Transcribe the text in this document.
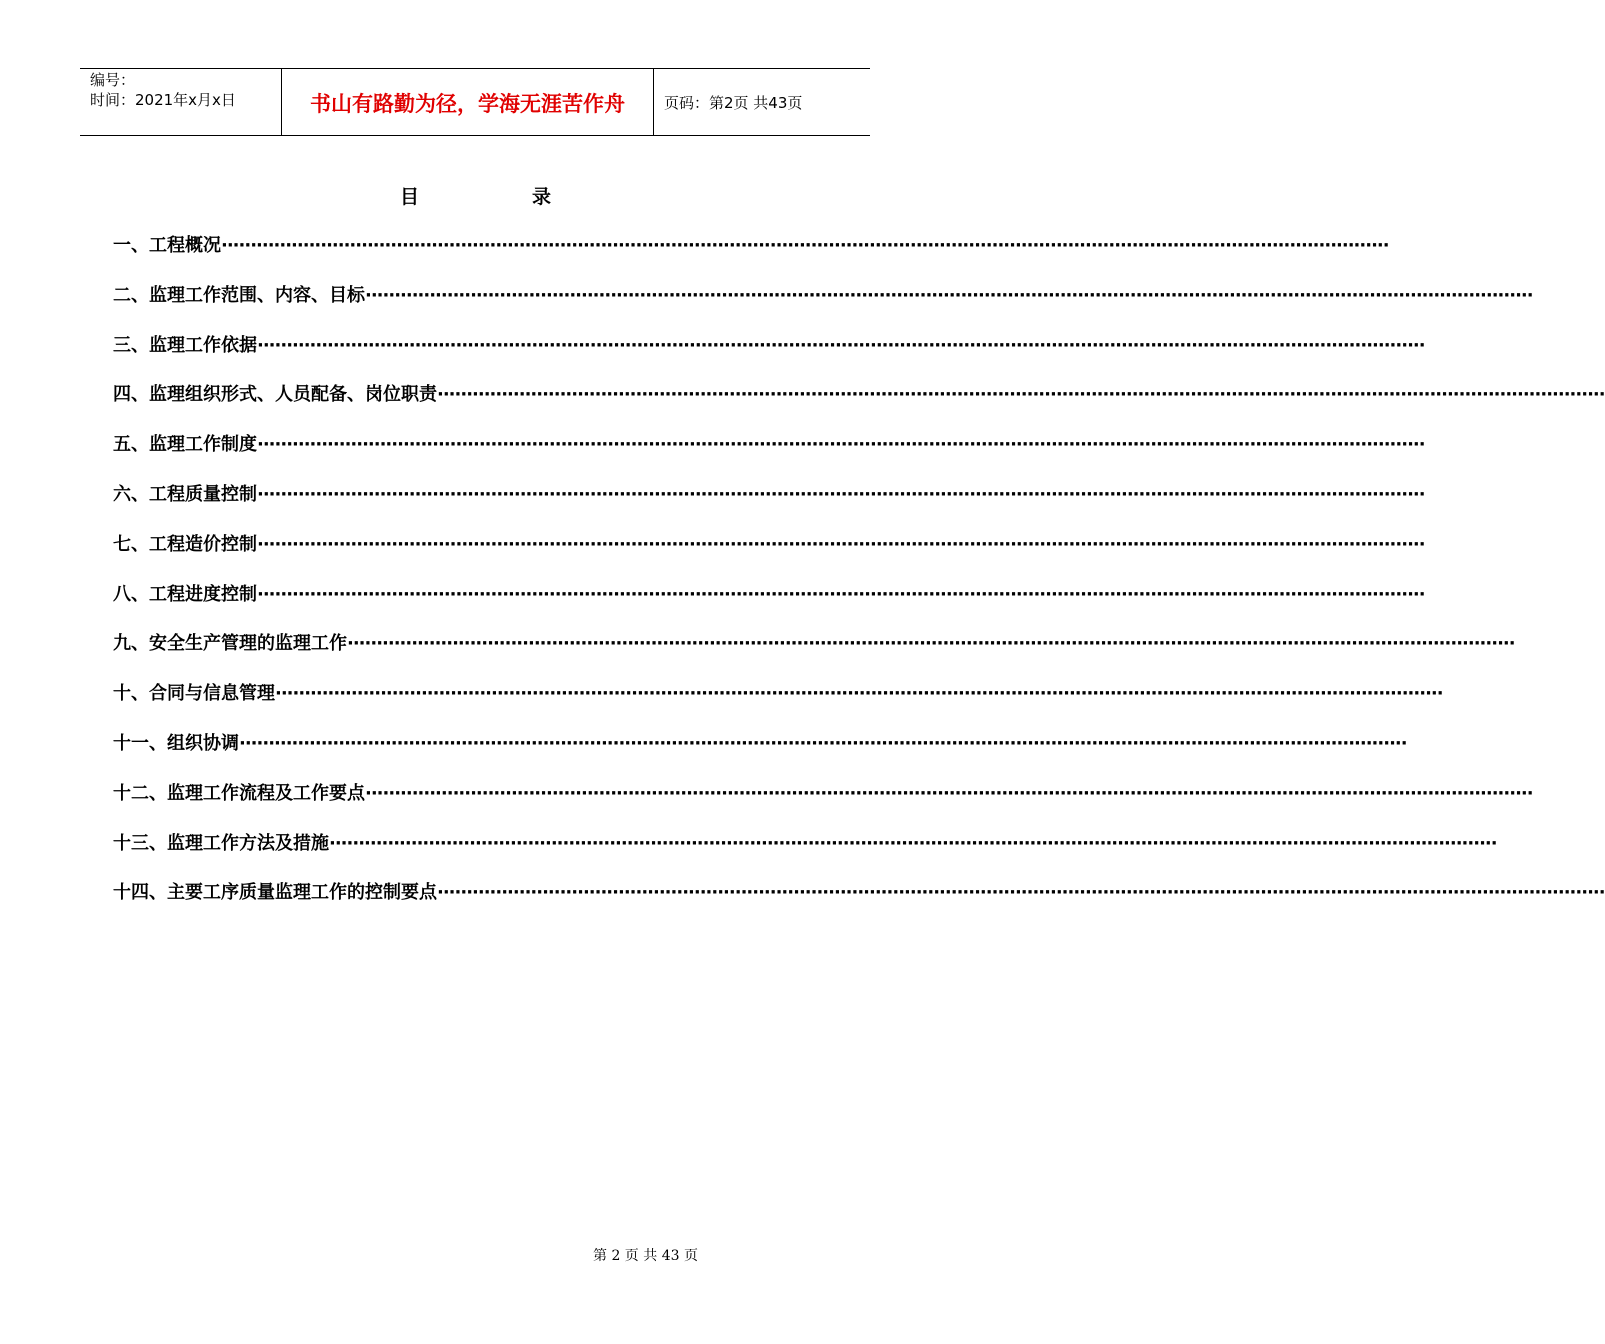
编号：
时间：2021年x月x日	书山有路勤为径，学海无涯苦作舟	页码：第2页 共43页
目	录
一、工程概况 ········································································································································································································
二、监理工作范围、内容、目标 ········································································································································································································
三、监理工作依据 ········································································································································································································
四、监理组织形式、人员配备、岗位职责 ········································································································································································································
五、监理工作制度 ········································································································································································································
六、工程质量控制 ········································································································································································································
七、工程造价控制 ········································································································································································································
八、工程进度控制 ········································································································································································································
九、安全生产管理的监理工作 ········································································································································································································
十、合同与信息管理 ········································································································································································································
十一、组织协调 ········································································································································································································
十二、监理工作流程及工作要点 ········································································································································································································
十三、监理工作方法及措施 ········································································································································································································
十四、主要工序质量监理工作的控制要点 ········································································································································································································
第 2 页 共 43 页
